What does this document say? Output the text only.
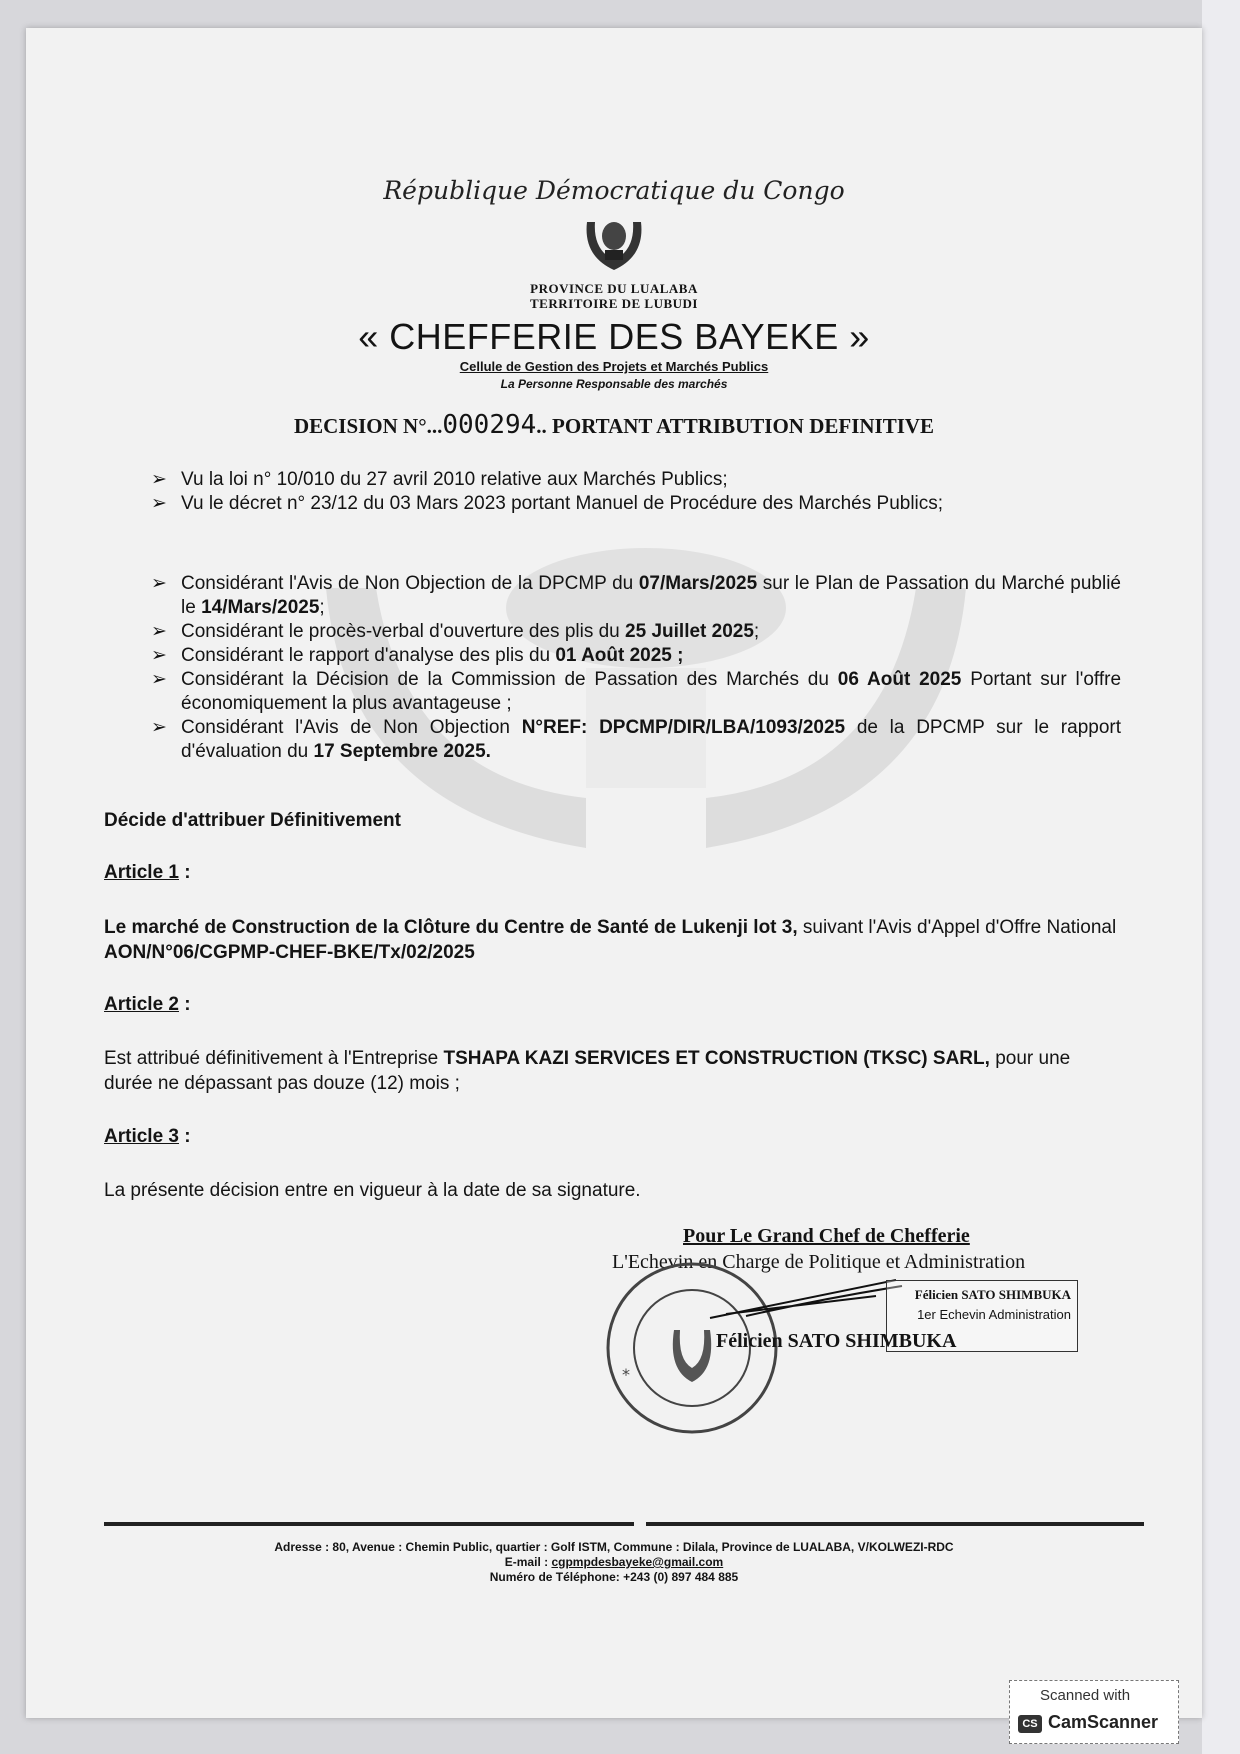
République Démocratique du Congo
PROVINCE DU LUALABA
TERRITOIRE DE LUBUDI
« CHEFFERIE DES BAYEKE »
Cellule de Gestion des Projets et Marchés Publics
La Personne Responsable des marchés
DECISION N°...000294.. PORTANT ATTRIBUTION DEFINITIVE
➢ Vu la loi n° 10/010 du 27 avril 2010 relative aux Marchés Publics;
➢ Vu le décret n° 23/12 du 03 Mars 2023 portant Manuel de Procédure des Marchés Publics;
➢ Considérant l'Avis de Non Objection de la DPCMP du 07/Mars/2025 sur le Plan de Passation du Marché publié le 14/Mars/2025;
➢ Considérant le procès-verbal d'ouverture des plis du 25 Juillet 2025;
➢ Considérant le rapport d'analyse des plis du 01 Août 2025 ;
➢ Considérant la Décision de la Commission de Passation des Marchés du 06 Août 2025 Portant sur l'offre économiquement la plus avantageuse ;
➢ Considérant l'Avis de Non Objection N°REF: DPCMP/DIR/LBA/1093/2025 de la DPCMP sur le rapport d'évaluation du 17 Septembre 2025.
Décide d'attribuer Définitivement
Article 1 :
Le marché de Construction de la Clôture du Centre de Santé de Lukenji lot 3, suivant l'Avis d'Appel d'Offre National AON/N°06/CGPMP-CHEF-BKE/Tx/02/2025
Article 2 :
Est attribué définitivement à l'Entreprise TSHAPA KAZI SERVICES ET CONSTRUCTION (TKSC) SARL, pour une durée ne dépassant pas douze (12) mois ;
Article 3 :
La présente décision entre en vigueur à la date de sa signature.
Pour Le Grand Chef de Chefferie
L'Echevin en Charge de Politique et Administration
*
Félicien SATO SHIMBUKA
1er Echevin Administration
Félicien SATO SHIMBUKA
Adresse : 80, Avenue : Chemin Public, quartier : Golf ISTM, Commune : Dilala, Province de LUALABA, V/KOLWEZI-RDC
E-mail : cgpmpdesbayeke@gmail.com
Numéro de Téléphone: +243 (0) 897 484 885
Scanned with
CS CamScanner
